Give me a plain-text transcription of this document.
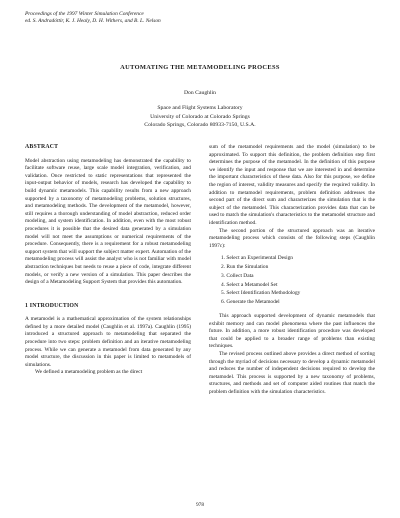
Proceedings of the 1997 Winter Simulation Conference
ed. S. Andradóttir, K. J. Healy, D. H. Withers, and B. L. Nelson
AUTOMATING THE METAMODELING PROCESS
Don Caughlin
Space and Flight Systems Laboratory
University of Colorado at Colorado Springs
Colorado Springs, Colorado 80933-7150, U.S.A.
ABSTRACT

Model abstraction using metamodeling has demonstrated the capability to facilitate software reuse, large scale model integration, verification, and validation. Once restricted to static representations that represented the input-output behavior of models, research has developed the capability to build dynamic metamodels. This capability results from a new approach supported by a taxonomy of metamodeling problems, solution structures, and metamodeling methods. The development of the metamodel, however, still requires a thorough understanding of model abstraction, reduced order modeling, and system identification. In addition, even with the most robust procedures it is possible that the desired data generated by a simulation model will not meet the assumptions or numerical requirements of the procedure. Consequently, there is a requirement for a robust metamodeling support system that will support the subject matter expert. Automation of the metamodeling process will assist the analyst who is not familiar with model abstraction techniques but needs to reuse a piece of code, integrate different models, or verify a new version of a simulation. This paper describes the design of a Metamodeling Support System that provides this automation.

1 INTRODUCTION

A metamodel is a mathematical approximation of the system relationships defined by a more detailed model (Caughlin et al. 1997a). Caughlin (1995) introduced a structured approach to metamodeling that separated the procedure into two steps: problem definition and an iterative metamodeling process. While we can generate a metamodel from data generated by any model structure, the discussion in this paper is limited to metamodels of simulations.

We defined a metamodeling problem as the direct

sum of the metamodel requirements and the model (simulation) to be approximated. To support this definition, the problem definition step first determines the purpose of the metamodel. In the definition of this purpose we identify the input and response that we are interested in and determine the important characteristics of these data. Also for this purpose, we define the region of interest, validity measures and specify the required validity. In addition to metamodel requirements, problem definition addresses the second part of the direct sum and characterizes the simulation that is the subject of the metamodel. This characterization provides data that can be used to match the simulation's characteristics to the metamodel structure and identification method.

The second portion of the structured approach was an iterative metamodeling process which consists of the following steps (Caughlin 1997c):

1. Select an Experimental Design
2. Run the Simulation
3. Collect Data
4. Select a Metamodel Set
5. Select Identification Methodology
6. Generate the Metamodel

This approach supported development of dynamic metamodels that exhibit memory and can model phenomena where the past influences the future. In addition, a more robust identification procedure was developed that could be applied to a broader range of problems than existing techniques.

The revised process outlined above provides a direct method of sorting through the myriad of decisions necessary to develop a dynamic metamodel and reduces the number of independent decisions required to develop the metamodel. This process is supported by a new taxonomy of problems, structures, and methods and set of computer aided routines that match the problem definition with the simulation characteristics.

978
